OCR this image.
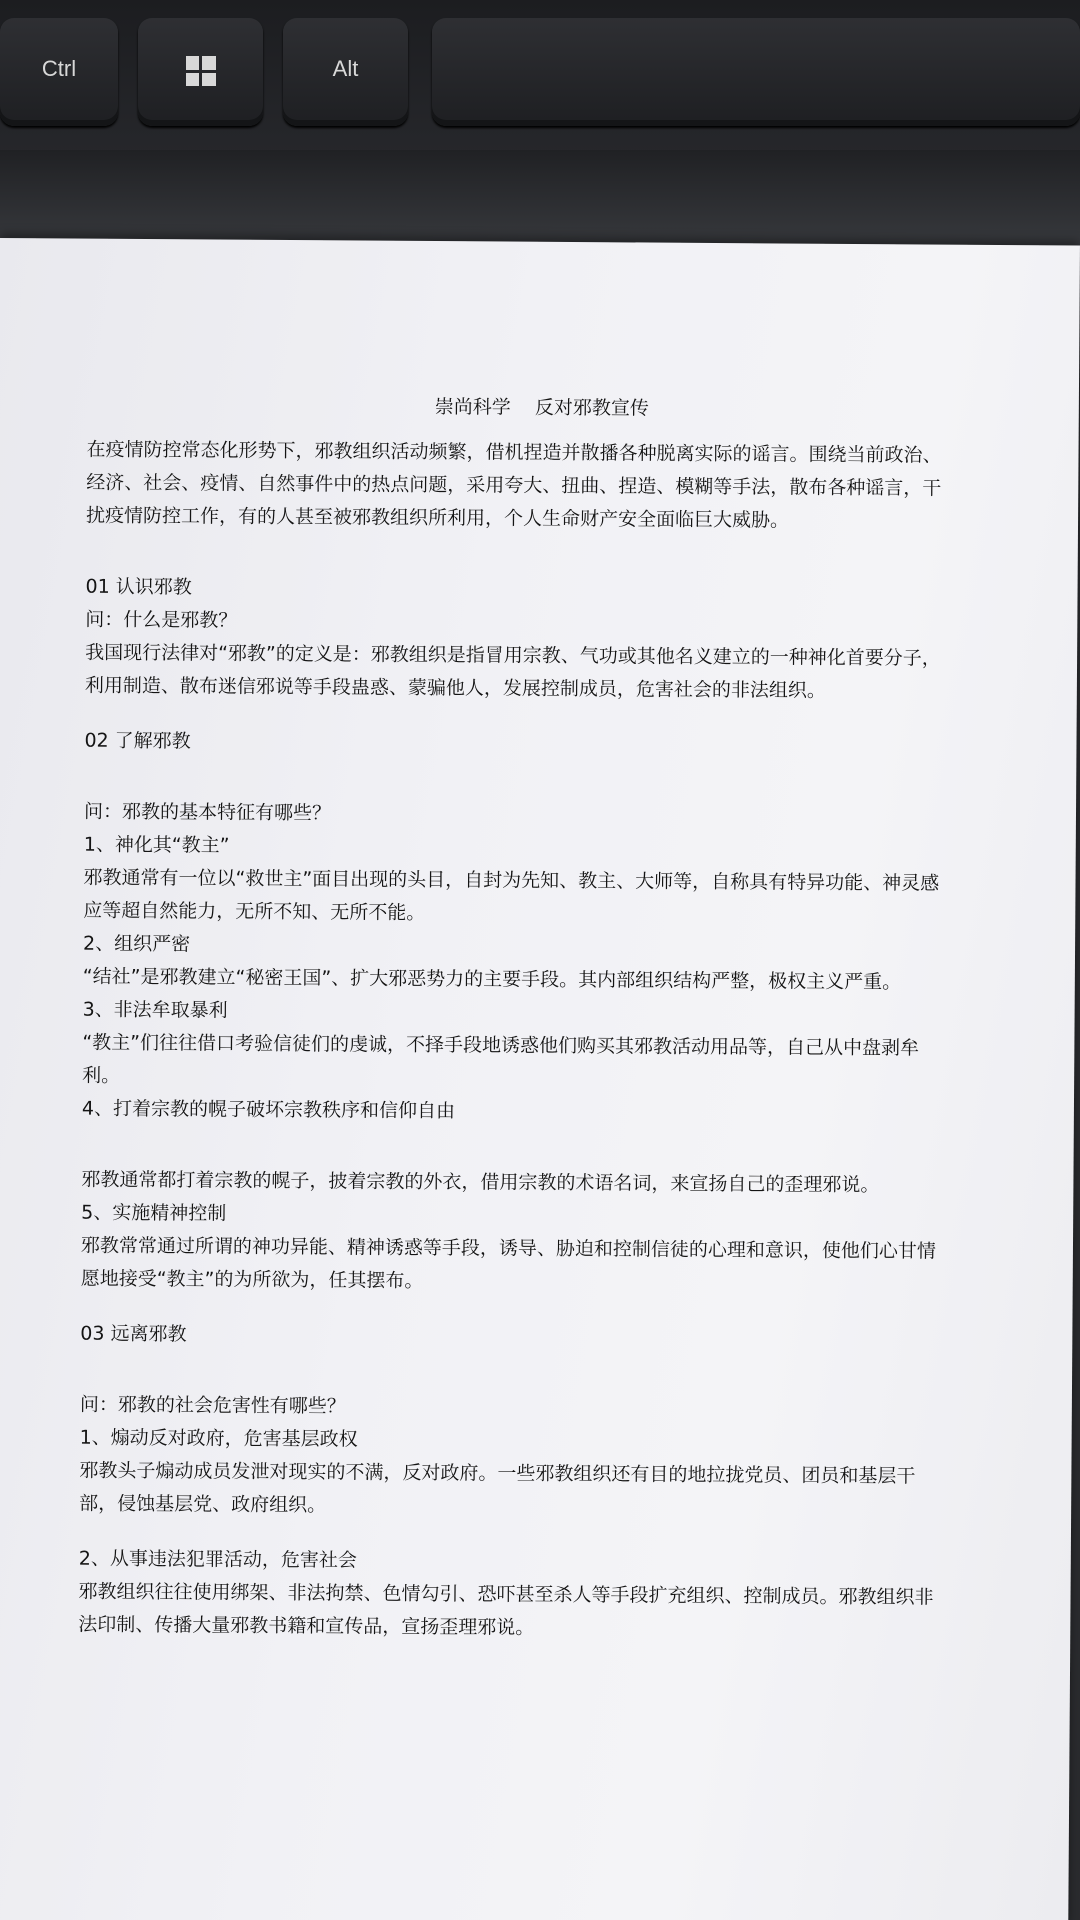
Ctrl	Alt
崇尚科学    反对邪教宣传

在疫情防控常态化形势下，邪教组织活动频繁，借机捏造并散播各种脱离实际的谣言。围绕当前政治、经济、社会、疫情、自然事件中的热点问题，采用夸大、扭曲、捏造、模糊等手法，散布各种谣言，干扰疫情防控工作，有的人甚至被邪教组织所利用，个人生命财产安全面临巨大威胁。

01 认识邪教

问：什么是邪教？

我国现行法律对“邪教”的定义是：邪教组织是指冒用宗教、气功或其他名义建立的一种神化首要分子，利用制造、散布迷信邪说等手段蛊惑、蒙骗他人，发展控制成员，危害社会的非法组织。

02 了解邪教

问：邪教的基本特征有哪些？

1、神化其“教主”

邪教通常有一位以“救世主”面目出现的头目，自封为先知、教主、大师等，自称具有特异功能、神灵感应等超自然能力，无所不知、无所不能。

2、组织严密

“结社”是邪教建立“秘密王国”、扩大邪恶势力的主要手段。其内部组织结构严整，极权主义严重。

3、非法牟取暴利

“教主”们往往借口考验信徒们的虔诚，不择手段地诱惑他们购买其邪教活动用品等，自己从中盘剥牟利。

4、打着宗教的幌子破坏宗教秩序和信仰自由

邪教通常都打着宗教的幌子，披着宗教的外衣，借用宗教的术语名词，来宣扬自己的歪理邪说。

5、实施精神控制

邪教常常通过所谓的神功异能、精神诱惑等手段，诱导、胁迫和控制信徒的心理和意识，使他们心甘情愿地接受“教主”的为所欲为，任其摆布。

03 远离邪教

问：邪教的社会危害性有哪些？

1、煽动反对政府，危害基层政权

邪教头子煽动成员发泄对现实的不满，反对政府。一些邪教组织还有目的地拉拢党员、团员和基层干部，侵蚀基层党、政府组织。

2、从事违法犯罪活动，危害社会

邪教组织往往使用绑架、非法拘禁、色情勾引、恐吓甚至杀人等手段扩充组织、控制成员。邪教组织非法印制、传播大量邪教书籍和宣传品，宣扬歪理邪说。
